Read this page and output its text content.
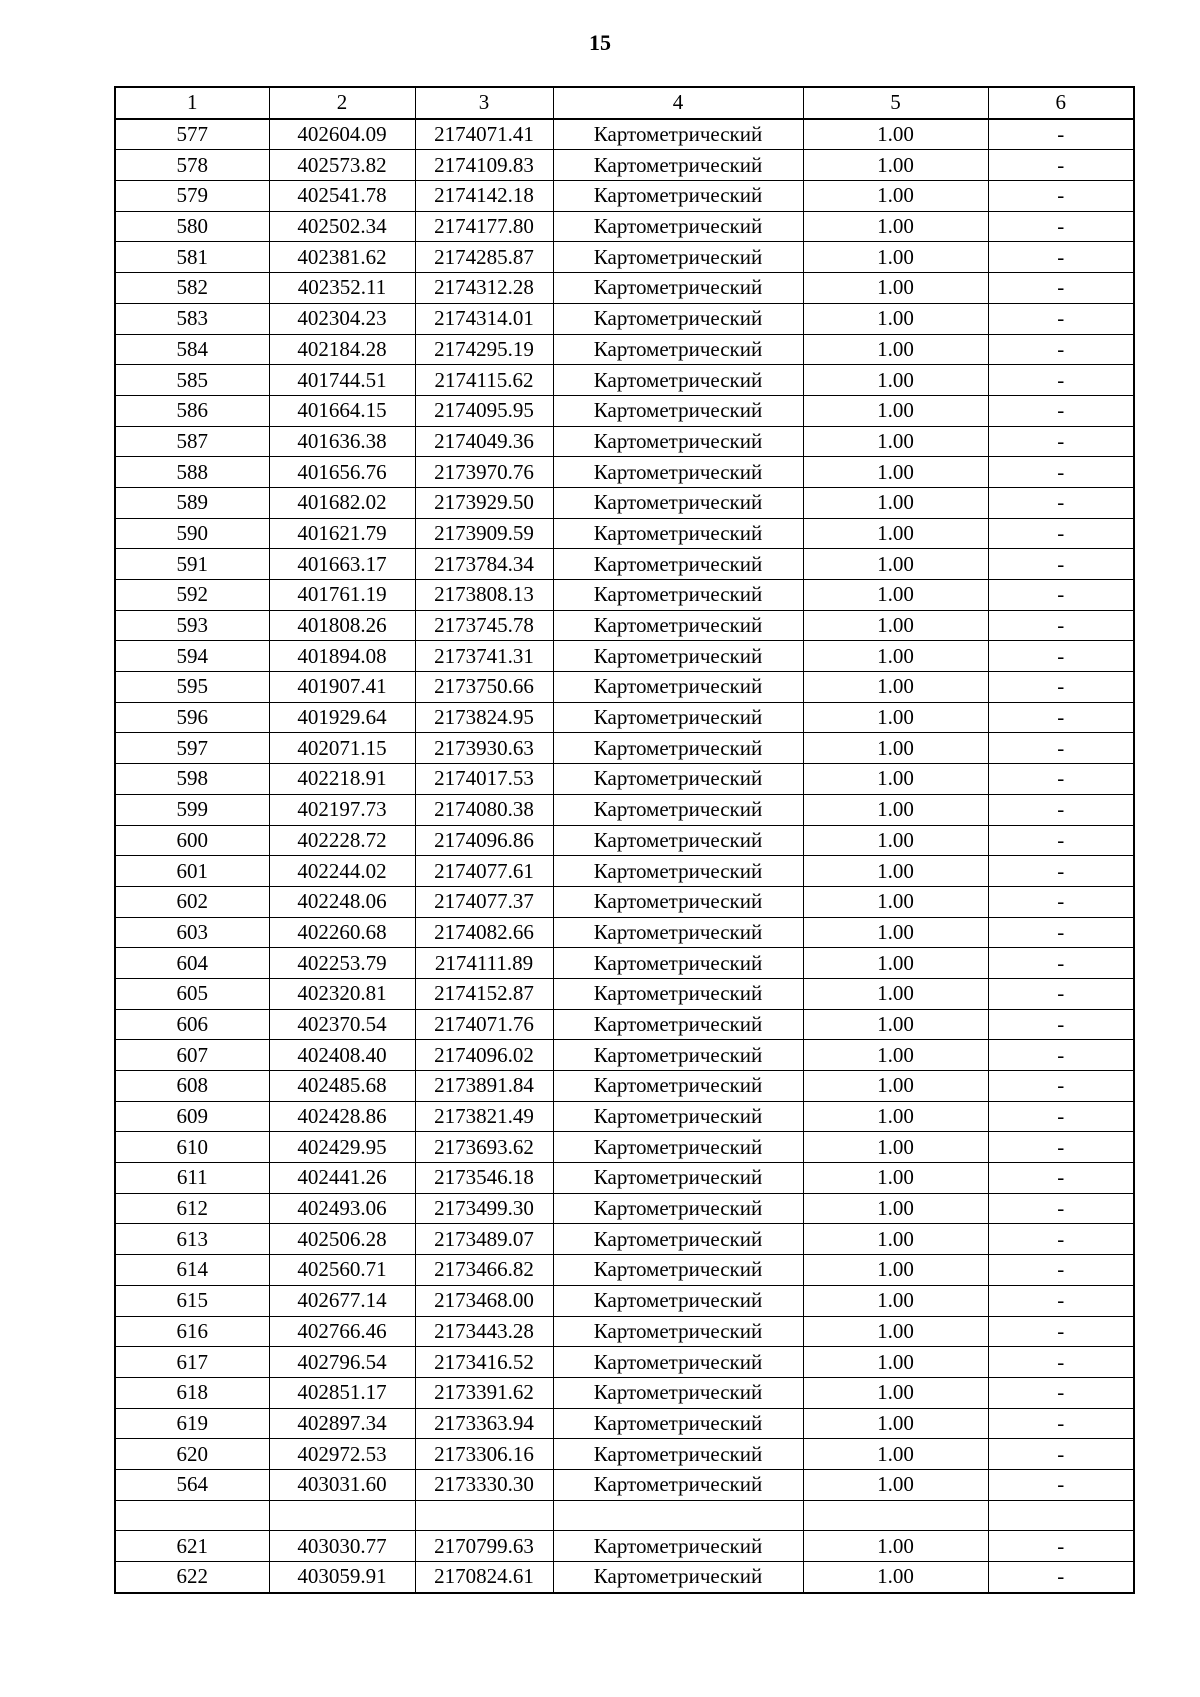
15
1	2	3	4	5	6
577	402604.09	2174071.41	Картометрический	1.00	-
578	402573.82	2174109.83	Картометрический	1.00	-
579	402541.78	2174142.18	Картометрический	1.00	-
580	402502.34	2174177.80	Картометрический	1.00	-
581	402381.62	2174285.87	Картометрический	1.00	-
582	402352.11	2174312.28	Картометрический	1.00	-
583	402304.23	2174314.01	Картометрический	1.00	-
584	402184.28	2174295.19	Картометрический	1.00	-
585	401744.51	2174115.62	Картометрический	1.00	-
586	401664.15	2174095.95	Картометрический	1.00	-
587	401636.38	2174049.36	Картометрический	1.00	-
588	401656.76	2173970.76	Картометрический	1.00	-
589	401682.02	2173929.50	Картометрический	1.00	-
590	401621.79	2173909.59	Картометрический	1.00	-
591	401663.17	2173784.34	Картометрический	1.00	-
592	401761.19	2173808.13	Картометрический	1.00	-
593	401808.26	2173745.78	Картометрический	1.00	-
594	401894.08	2173741.31	Картометрический	1.00	-
595	401907.41	2173750.66	Картометрический	1.00	-
596	401929.64	2173824.95	Картометрический	1.00	-
597	402071.15	2173930.63	Картометрический	1.00	-
598	402218.91	2174017.53	Картометрический	1.00	-
599	402197.73	2174080.38	Картометрический	1.00	-
600	402228.72	2174096.86	Картометрический	1.00	-
601	402244.02	2174077.61	Картометрический	1.00	-
602	402248.06	2174077.37	Картометрический	1.00	-
603	402260.68	2174082.66	Картометрический	1.00	-
604	402253.79	2174111.89	Картометрический	1.00	-
605	402320.81	2174152.87	Картометрический	1.00	-
606	402370.54	2174071.76	Картометрический	1.00	-
607	402408.40	2174096.02	Картометрический	1.00	-
608	402485.68	2173891.84	Картометрический	1.00	-
609	402428.86	2173821.49	Картометрический	1.00	-
610	402429.95	2173693.62	Картометрический	1.00	-
611	402441.26	2173546.18	Картометрический	1.00	-
612	402493.06	2173499.30	Картометрический	1.00	-
613	402506.28	2173489.07	Картометрический	1.00	-
614	402560.71	2173466.82	Картометрический	1.00	-
615	402677.14	2173468.00	Картометрический	1.00	-
616	402766.46	2173443.28	Картометрический	1.00	-
617	402796.54	2173416.52	Картометрический	1.00	-
618	402851.17	2173391.62	Картометрический	1.00	-
619	402897.34	2173363.94	Картометрический	1.00	-
620	402972.53	2173306.16	Картометрический	1.00	-
564	403031.60	2173330.30	Картометрический	1.00	-

621	403030.77	2170799.63	Картометрический	1.00	-
622	403059.91	2170824.61	Картометрический	1.00	-
